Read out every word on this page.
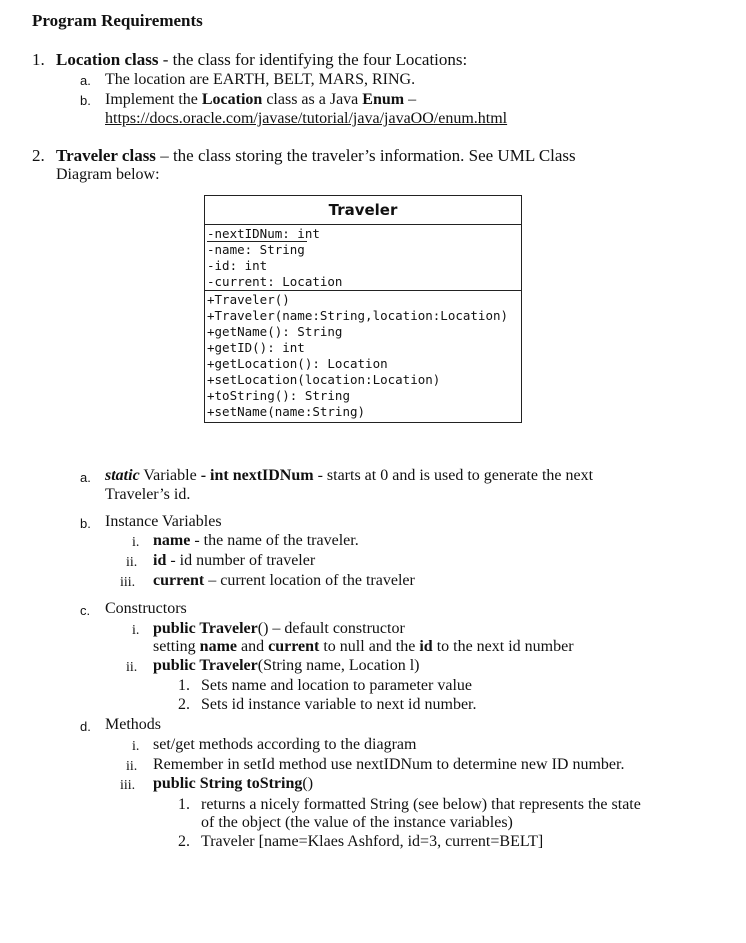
Program Requirements
1. Location class - the class for identifying the four Locations:
a. The location are EARTH, BELT, MARS, RING.
b. Implement the Location class as a Java Enum –
https://docs.oracle.com/javase/tutorial/java/javaOO/enum.html
2. Traveler class – the class storing the traveler’s information. See UML Class
Diagram below:
Traveler
-nextIDNum: int
-name: String
-id: int
-current: Location
+Traveler()
+Traveler(name:String,location:Location)
+getName(): String
+getID(): int
+getLocation(): Location
+setLocation(location:Location)
+toString(): String
+setName(name:String)
a. static Variable - int nextIDNum - starts at 0 and is used to generate the next
Traveler’s id.
b. Instance Variables
i. name - the name of the traveler.
ii. id - id number of traveler
iii. current – current location of the traveler
c. Constructors
i. public Traveler() – default constructor
setting name and current to null and the id to the next id number
ii. public Traveler(String name, Location l)
1. Sets name and location to parameter value
2. Sets id instance variable to next id number.
d. Methods
i. set/get methods according to the diagram
ii. Remember in setId method use nextIDNum to determine new ID number.
iii. public String toString()
1. returns a nicely formatted String (see below) that represents the state
of the object (the value of the instance variables)
2. Traveler [name=Klaes Ashford, id=3, current=BELT]
